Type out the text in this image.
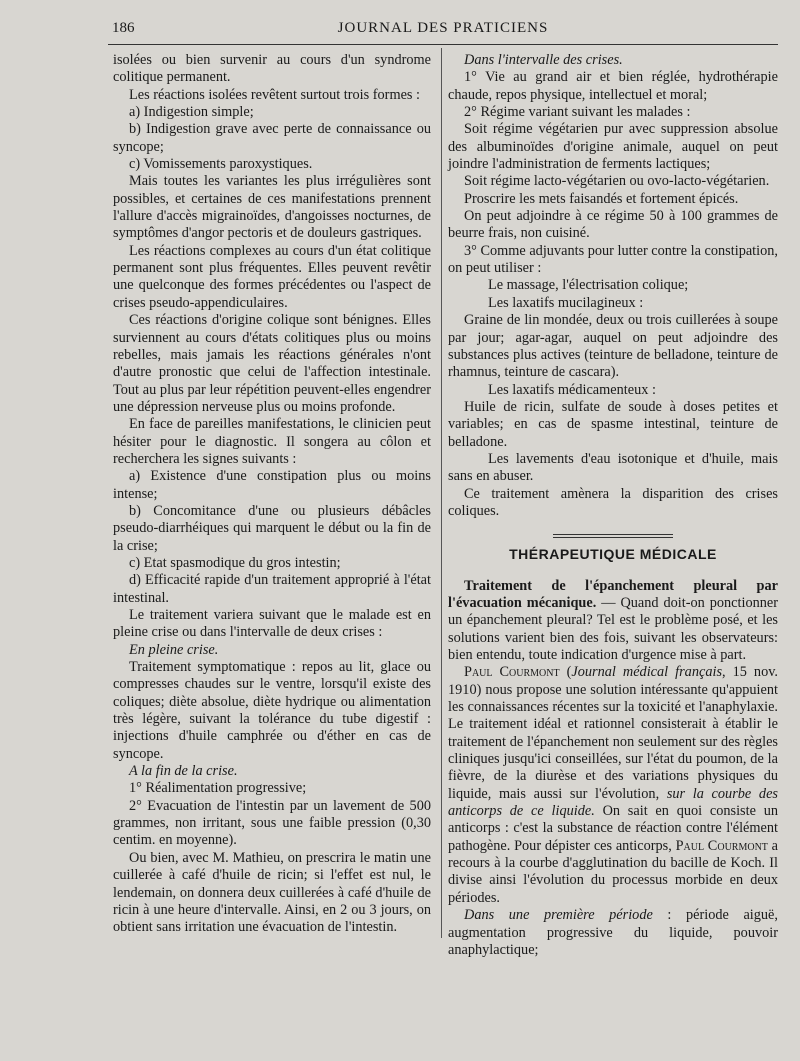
186	JOURNAL DES PRATICIENS

isolées ou bien survenir au cours d'un syndrome colitique permanent.

Les réactions isolées revêtent surtout trois formes :

a) Indigestion simple;

b) Indigestion grave avec perte de connaissance ou syncope;

c) Vomissements paroxystiques.

Mais toutes les variantes les plus irrégulières sont possibles, et certaines de ces manifestations prennent l'allure d'accès migrainoïdes, d'angoisses nocturnes, de symptômes d'angor pectoris et de douleurs gastriques.

Les réactions complexes au cours d'un état colitique permanent sont plus fréquentes. Elles peuvent revêtir une quelconque des formes précédentes ou l'aspect de crises pseudo-appendiculaires.

Ces réactions d'origine colique sont bénignes. Elles surviennent au cours d'états colitiques plus ou moins rebelles, mais jamais les réactions générales n'ont d'autre pronostic que celui de l'affection intestinale. Tout au plus par leur répétition peuvent-elles engendrer une dépression nerveuse plus ou moins profonde.

En face de pareilles manifestations, le clinicien peut hésiter pour le diagnostic. Il songera au côlon et recherchera les signes suivants :

a) Existence d'une constipation plus ou moins intense;

b) Concomitance d'une ou plusieurs débâcles pseudo-diarrhéiques qui marquent le début ou la fin de la crise;

c) Etat spasmodique du gros intestin;

d) Efficacité rapide d'un traitement approprié à l'état intestinal.

Le traitement variera suivant que le malade est en pleine crise ou dans l'intervalle de deux crises :

En pleine crise.

Traitement symptomatique : repos au lit, glace ou compresses chaudes sur le ventre, lorsqu'il existe des coliques; diète absolue, diète hydrique ou alimentation très légère, suivant la tolérance du tube digestif : injections d'huile camphrée ou d'éther en cas de syncope.

A la fin de la crise.

1° Réalimentation progressive;

2° Evacuation de l'intestin par un lavement de 500 grammes, non irritant, sous une faible pression (0,30 centim. en moyenne).

Ou bien, avec M. Mathieu, on prescrira le matin une cuillerée à café d'huile de ricin; si l'effet est nul, le lendemain, on donnera deux cuillerées à café d'huile de ricin à une heure d'intervalle. Ainsi, en 2 ou 3 jours, on obtient sans irritation une évacuation de l'intestin.

Dans l'intervalle des crises.

1° Vie au grand air et bien réglée, hydrothérapie chaude, repos physique, intellectuel et moral;

2° Régime variant suivant les malades :

Soit régime végétarien pur avec suppression absolue des albuminoïdes d'origine animale, auquel on peut joindre l'administration de ferments lactiques;

Soit régime lacto-végétarien ou ovo-lacto-végétarien.

Proscrire les mets faisandés et fortement épicés.

On peut adjoindre à ce régime 50 à 100 grammes de beurre frais, non cuisiné.

3° Comme adjuvants pour lutter contre la constipation, on peut utiliser :

Le massage, l'électrisation colique;

Les laxatifs mucilagineux :

Graine de lin mondée, deux ou trois cuillerées à soupe par jour; agar-agar, auquel on peut adjoindre des substances plus actives (teinture de belladone, teinture de rhamnus, teinture de cascara).

Les laxatifs médicamenteux :

Huile de ricin, sulfate de soude à doses petites et variables; en cas de spasme intestinal, teinture de belladone.

Les lavements d'eau isotonique et d'huile, mais sans en abuser.

Ce traitement amènera la disparition des crises coliques.

THÉRAPEUTIQUE MÉDICALE

Traitement de l'épanchement pleural par l'évacuation mécanique. — Quand doit-on ponctionner un épanchement pleural? Tel est le problème posé, et les solutions varient bien des fois, suivant les observateurs: bien entendu, toute indication d'urgence mise à part.

Paul Courmont (Journal médical français, 15 nov. 1910) nous propose une solution intéressante qu'appuient les connaissances récentes sur la toxicité et l'anaphylaxie. Le traitement idéal et rationnel consisterait à établir le traitement de l'épanchement non seulement sur des règles cliniques jusqu'ici conseillées, sur l'état du poumon, de la fièvre, de la diurèse et des variations physiques du liquide, mais aussi sur l'évolution, sur la courbe des anticorps de ce liquide. On sait en quoi consiste un anticorps : c'est la substance de réaction contre l'élément pathogène. Pour dépister ces anticorps, Paul Courmont a recours à la courbe d'agglutination du bacille de Koch. Il divise ainsi l'évolution du processus morbide en deux périodes.

Dans une première période : période aiguë, augmentation progressive du liquide, pouvoir anaphylactique;
